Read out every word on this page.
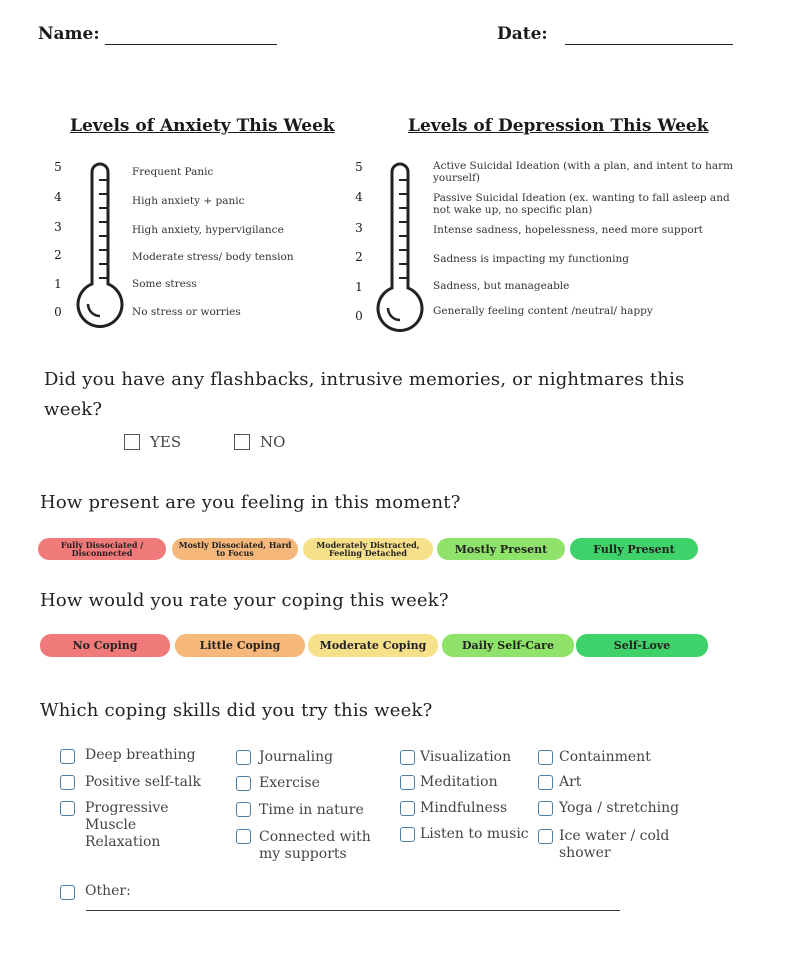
Name:	Date:
Levels of Anxiety This Week	Levels of Depression This Week
5	Frequent Panic
4	High anxiety + panic
3	High anxiety, hypervigilance
2	Moderate stress/ body tension
1	Some stress
0	No stress or worries
5	Active Suicidal Ideation (with a plan, and intent to harm yourself)
4	Passive Suicidal Ideation (ex. wanting to fall asleep and not wake up, no specific plan)
3	Intense sadness, hopelessness, need more support
2	Sadness is impacting my functioning
1	Sadness, but manageable
0	Generally feeling content /neutral/ happy
Did you have any flashbacks, intrusive memories, or nightmares this week?
YES	NO
How present are you feeling in this moment?
Fully Dissociated / Disconnected
Mostly Dissociated, Hard to Focus
Moderately Distracted, Feeling Detached	Mostly Present	Fully Present
How would you rate your coping this week?
No Coping	Little Coping	Moderate Coping	Daily Self-Care	Self-Love
Which coping skills did you try this week?
Deep breathing
Positive self-talk
Progressive Muscle Relaxation
Journaling
Exercise
Time in nature
Connected with my supports
Visualization
Meditation
Mindfulness
Listen to music
Containment
Art
Yoga / stretching
Ice water / cold shower
Other:
